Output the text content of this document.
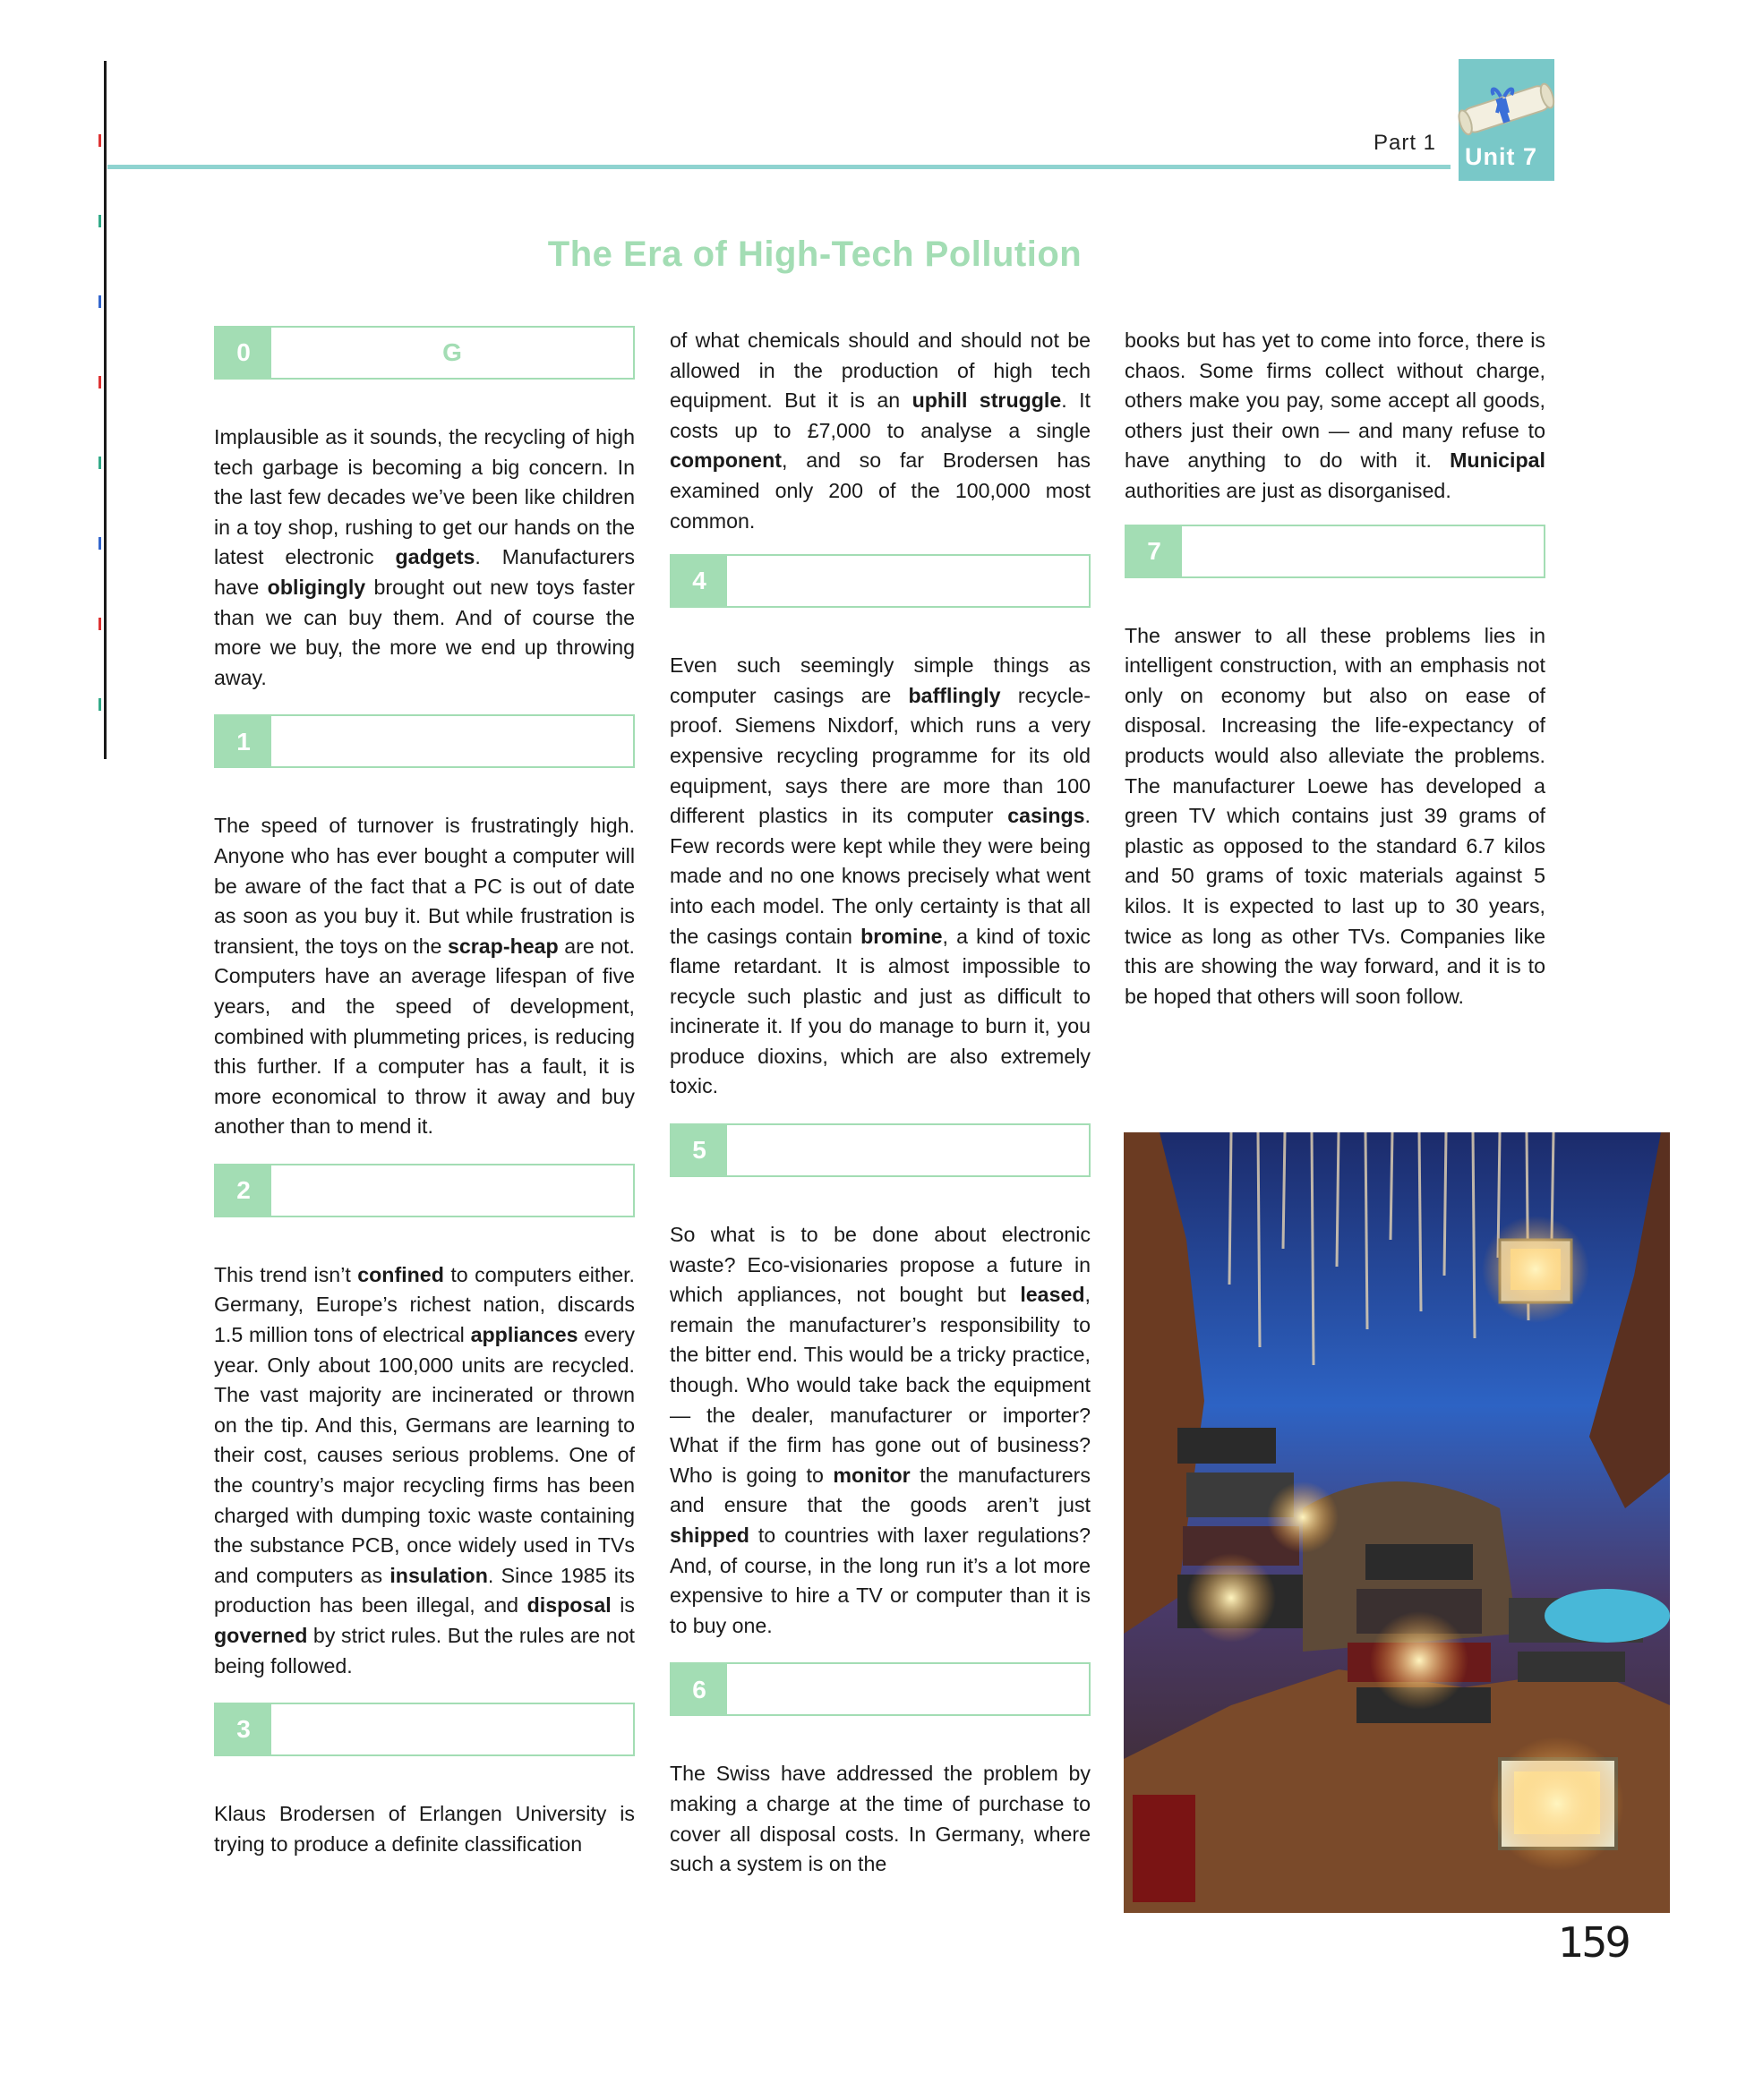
Part 1
Unit 7
The Era of High-Tech Pollution
0	G

Implausible as it sounds, the recycling of high tech garbage is becoming a big concern. In the last few decades we’ve been like children in a toy shop, rushing to get our hands on the latest electronic gadgets. Manufacturers have obligingly brought out new toys faster than we can buy them. And of course the more we buy, the more we end up throwing away.

1

The speed of turnover is frustratingly high. Anyone who has ever bought a computer will be aware of the fact that a PC is out of date as soon as you buy it. But while frustration is transient, the toys on the scrap-heap are not. Computers have an average lifespan of five years, and the speed of development, combined with plummeting prices, is reducing this further. If a computer has a fault, it is more economical to throw it away and buy another than to mend it.

2

This trend isn’t confined to computers either. Germany, Europe’s richest nation, discards 1.5 million tons of electrical appliances every year. Only about 100,000 units are recycled. The vast majority are incinerated or thrown on the tip. And this, Germans are learning to their cost, causes serious problems. One of the country’s major recycling firms has been charged with dumping toxic waste containing the substance PCB, once widely used in TVs and computers as insulation. Since 1985 its production has been illegal, and disposal is governed by strict rules. But the rules are not being followed.

3

Klaus Brodersen of Erlangen University is trying to produce a definite classification

of what chemicals should and should not be allowed in the production of high tech equipment. But it is an uphill struggle. It costs up to £7,000 to analyse a single component, and so far Brodersen has examined only 200 of the 100,000 most common.

4

Even such seemingly simple things as computer casings are bafflingly recycle-proof. Siemens Nixdorf, which runs a very expensive recycling programme for its old equipment, says there are more than 100 different plastics in its computer casings. Few records were kept while they were being made and no one knows precisely what went into each model. The only certainty is that all the casings contain bromine, a kind of toxic flame retardant. It is almost impossible to recycle such plastic and just as difficult to incinerate it. If you do manage to burn it, you produce dioxins, which are also extremely toxic.

5

So what is to be done about electronic waste? Eco-visionaries propose a future in which appliances, not bought but leased, remain the manufacturer’s responsibility to the bitter end. This would be a tricky practice, though. Who would take back the equipment — the dealer, manufacturer or importer? What if the firm has gone out of business? Who is going to monitor the manufacturers and ensure that the goods aren’t just shipped to countries with laxer regulations? And, of course, in the long run it’s a lot more expensive to hire a TV or computer than it is to buy one.

6

The Swiss have addressed the problem by making a charge at the time of purchase to cover all disposal costs. In Germany, where such a system is on the

books but has yet to come into force, there is chaos. Some firms collect without charge, others make you pay, some accept all goods, others just their own — and many refuse to have anything to do with it. Municipal authorities are just as disorganised.

7

The answer to all these problems lies in intelligent construction, with an emphasis not only on economy but also on ease of disposal. Increasing the life-expectancy of products would also alleviate the problems. The manufacturer Loewe has developed a green TV which contains just 39 grams of plastic as opposed to the standard 6.7 kilos and 50 grams of toxic materials against 5 kilos. It is expected to last up to 30 years, twice as long as other TVs. Companies like this are showing the way forward, and it is to be hoped that others will soon follow.

159
